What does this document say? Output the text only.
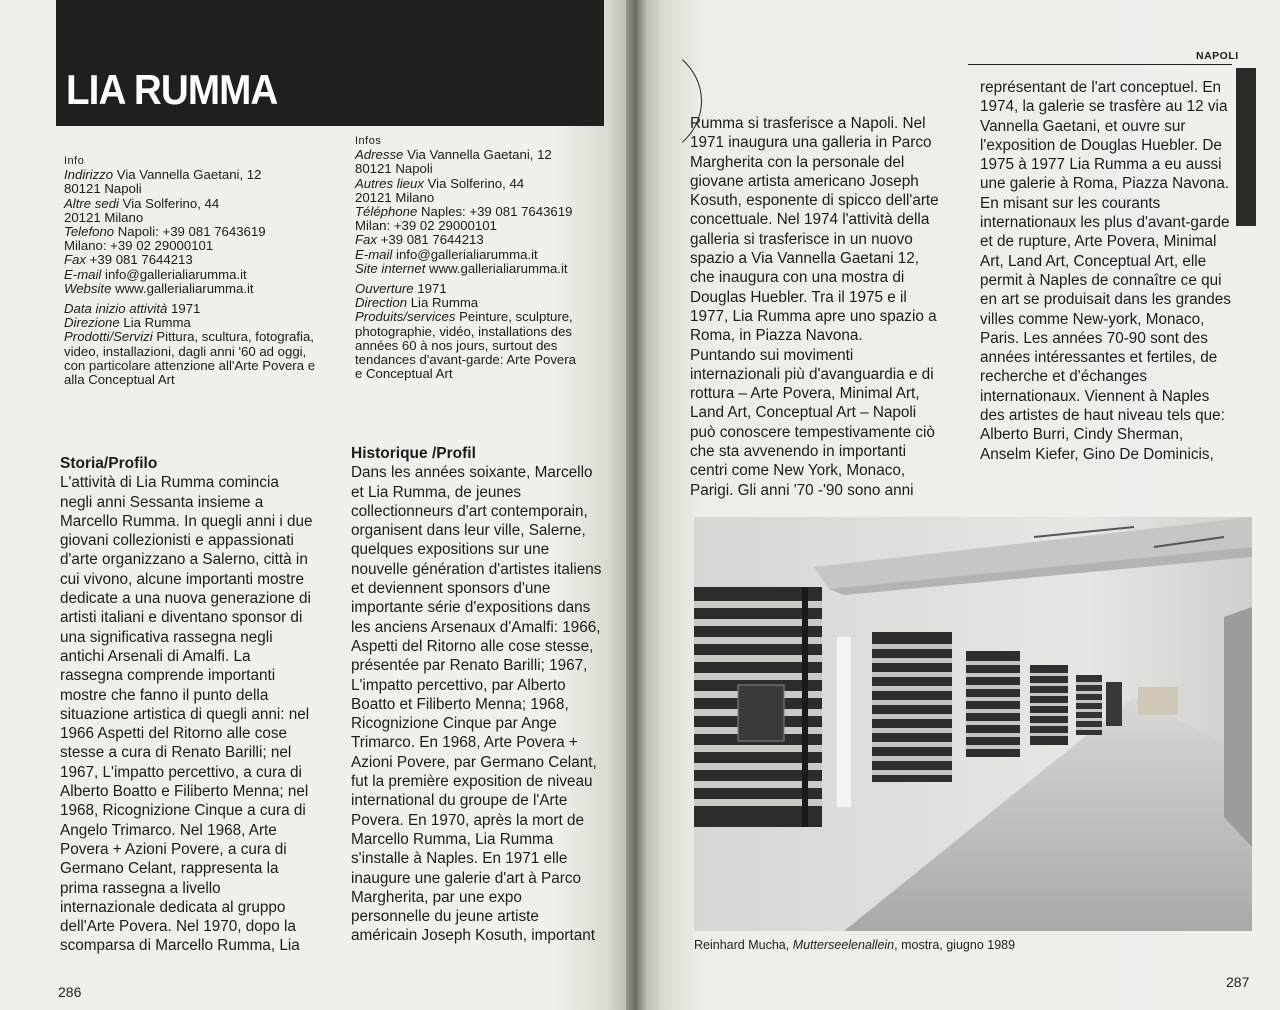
LIA RUMMA
Info
Indirizzo Via Vannella Gaetani, 12
80121 Napoli
Altre sedi Via Solferino, 44
20121 Milano
Telefono Napoli: +39 081 7643619
Milano: +39 02 29000101
Fax +39 081 7644213
E-mail info@gallerialiarumma.it
Website www.gallerialiarumma.it
Data inizio attività 1971
Direzione Lia Rumma
Prodotti/Servizi Pittura, scultura, fotografia,
video, installazioni, dagli anni '60 ad oggi,
con particolare attenzione all'Arte Povera e
alla Conceptual Art
Infos
Adresse Via Vannella Gaetani, 12
80121 Napoli
Autres lieux Via Solferino, 44
20121 Milano
Téléphone Naples: +39 081 7643619
Milan: +39 02 29000101
Fax +39 081 7644213
E-mail info@gallerialiarumma.it
Site internet www.gallerialiarumma.it
Ouverture 1971
Direction Lia Rumma
Produits/services Peinture, sculpture,
photographie, vidéo, installations des
années 60 à nos jours, surtout des
tendances d'avant-garde: Arte Povera
e Conceptual Art
Storia/Profilo
L'attività di Lia Rumma comincia
negli anni Sessanta insieme a
Marcello Rumma. In quegli anni i due
giovani collezionisti e appassionati
d'arte organizzano a Salerno, città in
cui vivono, alcune importanti mostre
dedicate a una nuova generazione di
artisti italiani e diventano sponsor di
una significativa rassegna negli
antichi Arsenali di Amalfi. La
rassegna comprende importanti
mostre che fanno il punto della
situazione artistica di quegli anni: nel
1966 Aspetti del Ritorno alle cose
stesse a cura di Renato Barilli; nel
1967, L'impatto percettivo, a cura di
Alberto Boatto e Filiberto Menna; nel
1968, Ricognizione Cinque a cura di
Angelo Trimarco. Nel 1968, Arte
Povera + Azioni Povere, a cura di
Germano Celant, rappresenta la
prima rassegna a livello
internazionale dedicata al gruppo
dell'Arte Povera. Nel 1970, dopo la
scomparsa di Marcello Rumma, Lia
Historique /Profil
Dans les années soixante, Marcello
et Lia Rumma, de jeunes
collectionneurs d'art contemporain,
organisent dans leur ville, Salerne,
quelques expositions sur une
nouvelle génération d'artistes italiens
et deviennent sponsors d'une
importante série d'expositions dans
les anciens Arsenaux d'Amalfi: 1966,
Aspetti del Ritorno alle cose stesse,
présentée par Renato Barilli; 1967,
L'impatto percettivo, par Alberto
Boatto et Filiberto Menna; 1968,
Ricognizione Cinque par Ange
Trimarco. En 1968, Arte Povera +
Azioni Povere, par Germano Celant,
fut la première exposition de niveau
international du groupe de l'Arte
Povera. En 1970, après la mort de
Marcello Rumma, Lia Rumma
s'installe à Naples. En 1971 elle
inaugure une galerie d'art à Parco
Margherita, par une expo
personnelle du jeune artiste
américain Joseph Kosuth, important
286
NAPOLI
Rumma si trasferisce a Napoli. Nel
1971 inaugura una galleria in Parco
Margherita con la personale del
giovane artista americano Joseph
Kosuth, esponente di spicco dell'arte
concettuale. Nel 1974 l'attività della
galleria si trasferisce in un nuovo
spazio a Via Vannella Gaetani 12,
che inaugura con una mostra di
Douglas Huebler. Tra il 1975 e il
1977, Lia Rumma apre uno spazio a
Roma, in Piazza Navona.
Puntando sui movimenti
internazionali più d'avanguardia e di
rottura – Arte Povera, Minimal Art,
Land Art, Conceptual Art – Napoli
può conoscere tempestivamente ciò
che sta avvenendo in importanti
centri come New York, Monaco,
Parigi. Gli anni '70 -'90 sono anni
représentant de l'art conceptuel. En
1974, la galerie se trasfère au 12 via
Vannella Gaetani, et ouvre sur
l'exposition de Douglas Huebler. De
1975 à 1977 Lia Rumma a eu aussi
une galerie à Roma, Piazza Navona.
En misant sur les courants
internationaux les plus d'avant-garde
et de rupture, Arte Povera, Minimal
Art, Land Art, Conceptual Art, elle
permit à Naples de connaître ce qui
en art se produisait dans les grandes
villes comme New-york, Monaco,
Paris. Les années 70-90 sont des
années intéressantes et fertiles, de
recherche et d'échanges
internationaux. Viennent à Naples
des artistes de haut niveau tels que:
Alberto Burri, Cindy Sherman,
Anselm Kiefer, Gino De Dominicis,
Reinhard Mucha, Mutterseelenallein, mostra, giugno 1989
287
